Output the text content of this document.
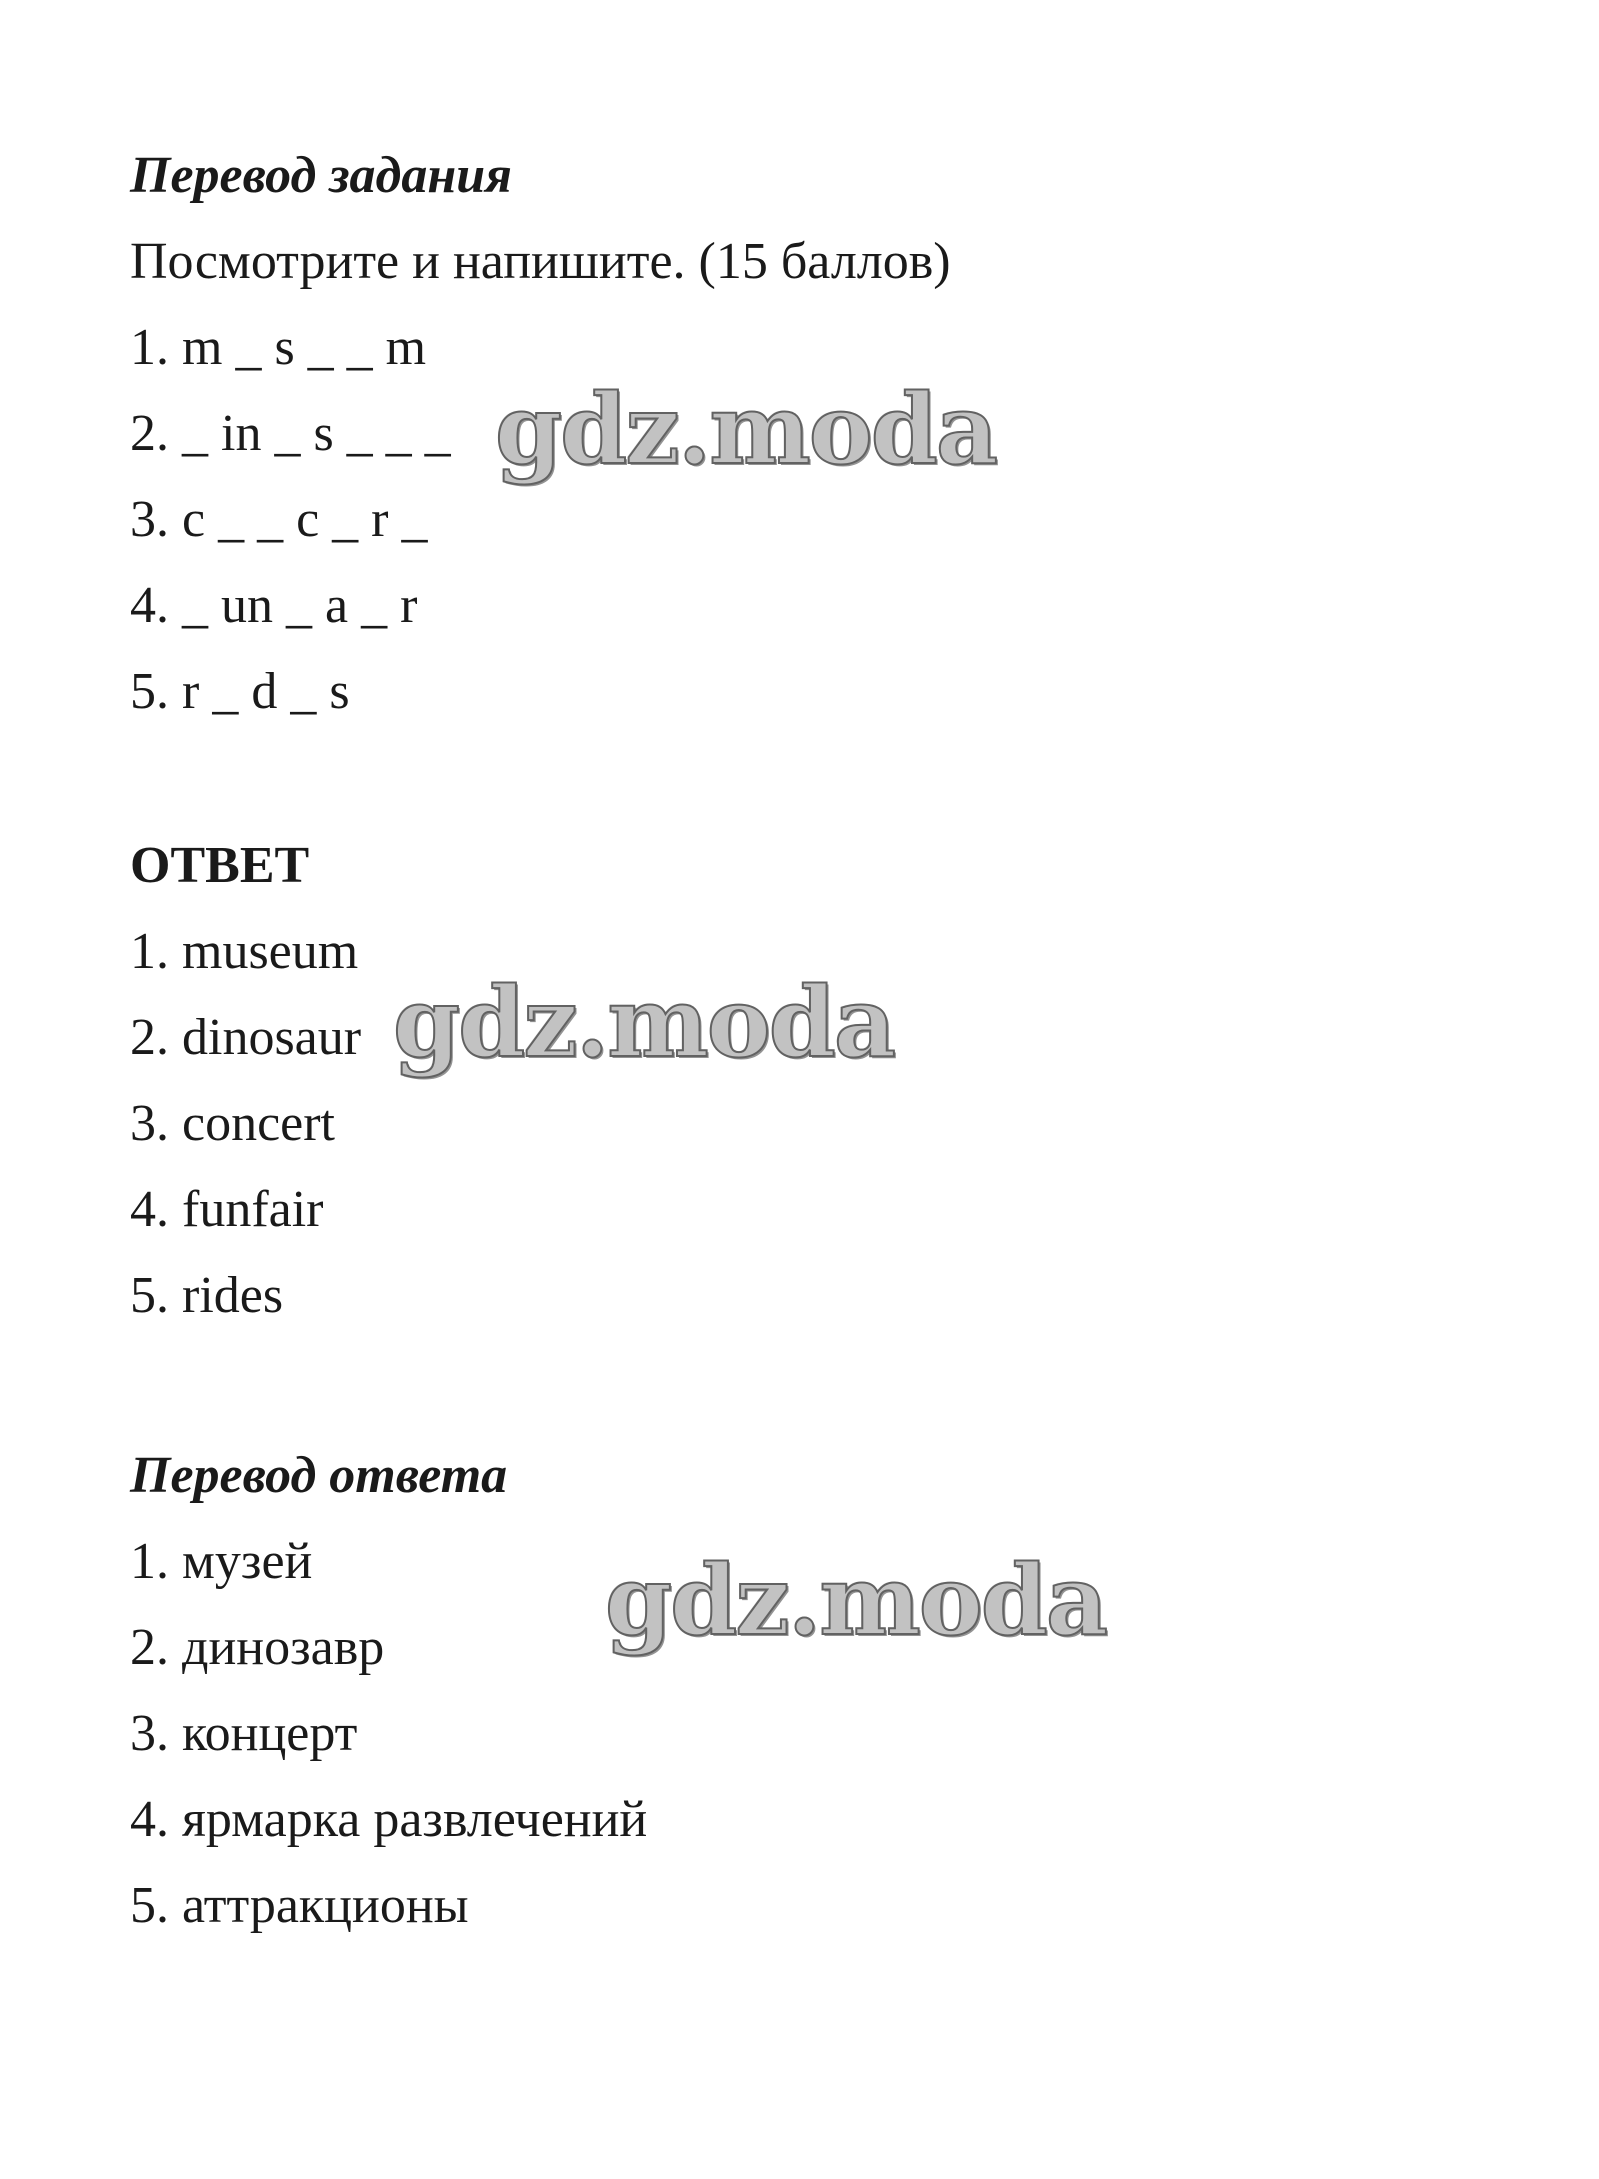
Перевод задания

Посмотрите и напишите. (15 баллов)

1. m _ s _ _ m

2. _ in _ s _ _ _

3. c _ _ c _ r _

4. _ un _ a _ r

5. r _ d _ s

ОТВЕТ

1. museum

2. dinosaur

3. concert

4. funfair

5. rides

Перевод ответа

1. музей

2. динозавр

3. концерт

4. ярмарка развлечений

5. аттракционы

gdz.moda
gdz.moda
gdz.moda
